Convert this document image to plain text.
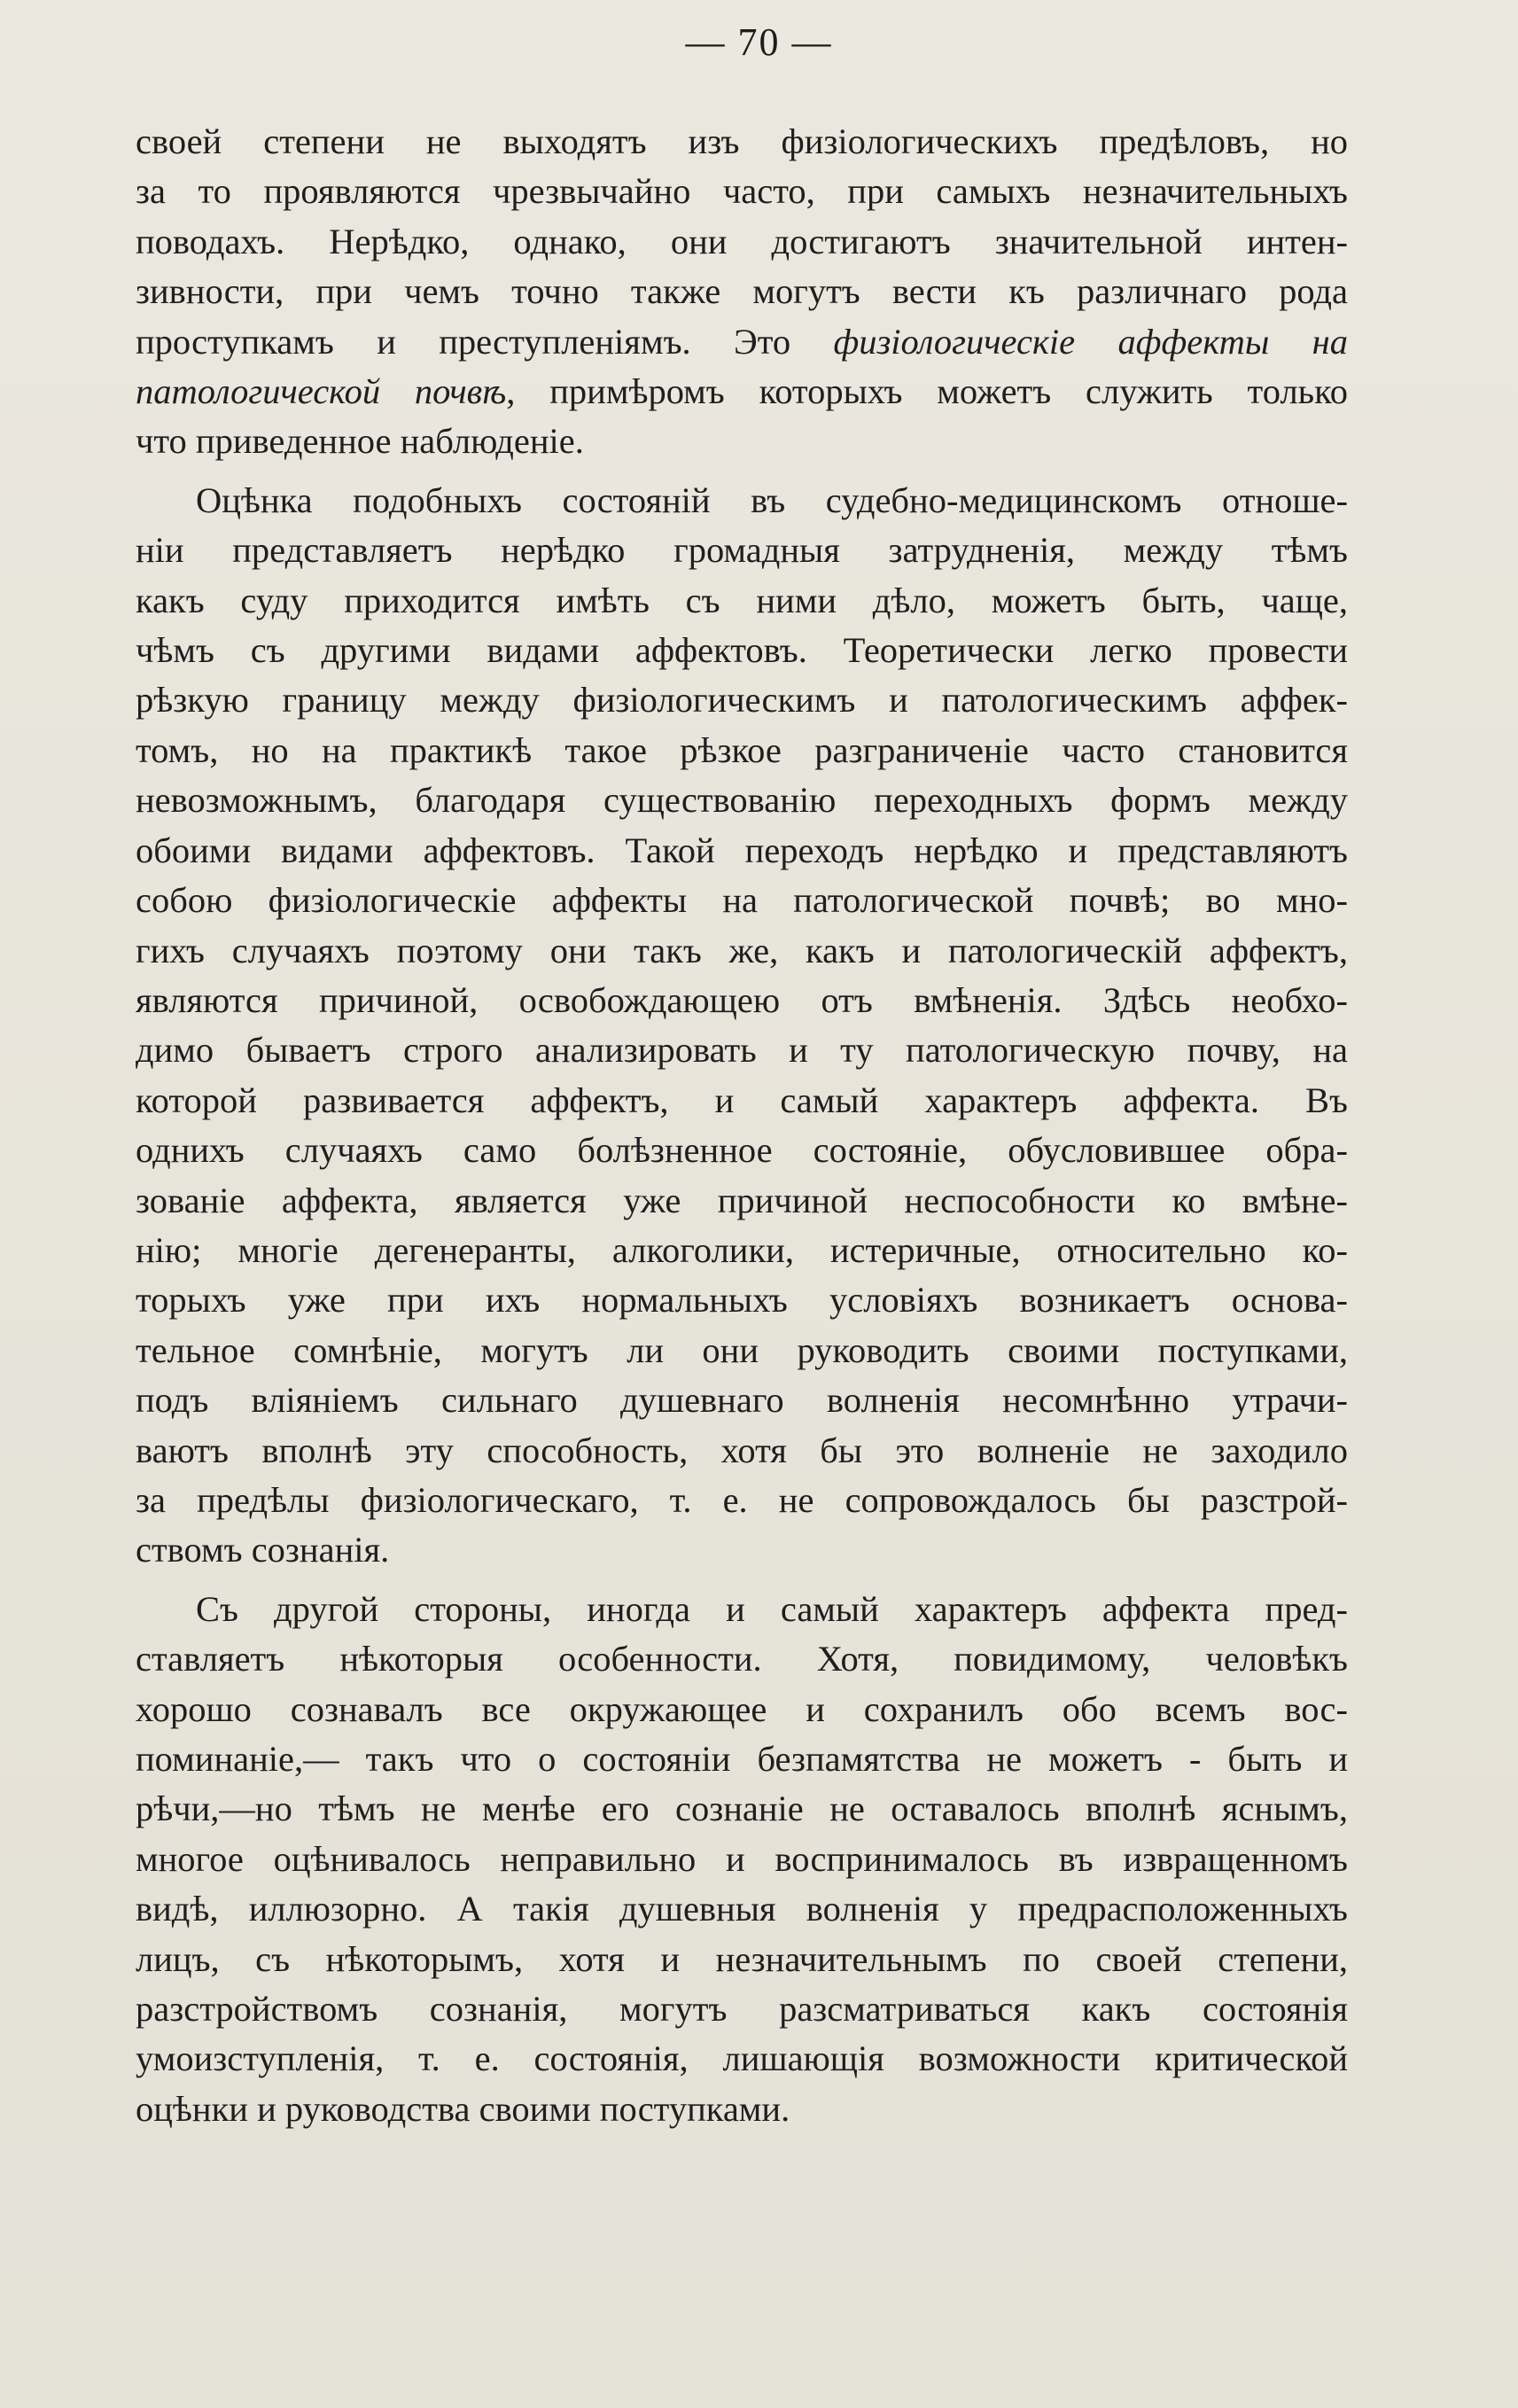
— 70 —
своей степени не выходятъ изъ физіологическихъ предѣловъ, но
за то проявляются чрезвычайно часто, при самыхъ незначительныхъ
поводахъ. Нерѣдко, однако, они достигаютъ значительной интен-
зивности, при чемъ точно также могутъ вести къ различнаго рода
проступкамъ и преступленіямъ. Это физіологическіе аффекты на
патологической почвѣ, примѣромъ которыхъ можетъ служить только
что приведенное наблюденіе.
Оцѣнка подобныхъ состояній въ судебно-медицинскомъ отноше-
ніи представляетъ нерѣдко громадныя затрудненія, между тѣмъ
какъ суду приходится имѣть съ ними дѣло, можетъ быть, чаще,
чѣмъ съ другими видами аффектовъ. Теоретически легко провести
рѣзкую границу между физіологическимъ и патологическимъ аффек-
томъ, но на практикѣ такое рѣзкое разграниченіе часто становится
невозможнымъ, благодаря существованію переходныхъ формъ между
обоими видами аффектовъ. Такой переходъ нерѣдко и представляютъ
собою физіологическіе аффекты на патологической почвѣ; во мно-
гихъ случаяхъ поэтому они такъ же, какъ и патологическій аффектъ,
являются причиной, освобождающею отъ вмѣненія. Здѣсь необхо-
димо бываетъ строго анализировать и ту патологическую почву, на
которой развивается аффектъ, и самый характеръ аффекта. Въ
однихъ случаяхъ само болѣзненное состояніе, обусловившее обра-
зованіе аффекта, является уже причиной неспособности ко вмѣне-
нію; многіе дегенеранты, алкоголики, истеричные, относительно ко-
торыхъ уже при ихъ нормальныхъ условіяхъ возникаетъ основа-
тельное сомнѣніе, могутъ ли они руководить своими поступками,
подъ вліяніемъ сильнаго душевнаго волненія несомнѣнно утрачи-
ваютъ вполнѣ эту способность, хотя бы это волненіе не заходило
за предѣлы физіологическаго, т. е. не сопровождалось бы разстрой-
ствомъ сознанія.
Съ другой стороны, иногда и самый характеръ аффекта пред-
ставляетъ нѣкоторыя особенности. Хотя, повидимому, человѣкъ
хорошо сознавалъ все окружающее и сохранилъ обо всемъ вос-
поминаніе,— такъ что о состояніи безпамятства не можетъ - быть и
рѣчи,—но тѣмъ не менѣе его сознаніе не оставалось вполнѣ яснымъ,
многое оцѣнивалось неправильно и воспринималось въ извращенномъ
видѣ, иллюзорно. А такія душевныя волненія у предрасположенныхъ
лицъ, съ нѣкоторымъ, хотя и незначительнымъ по своей степени,
разстройствомъ сознанія, могутъ разсматриваться какъ состоянія
умоизступленія, т. е. состоянія, лишающія возможности критической
оцѣнки и руководства своими поступками.
